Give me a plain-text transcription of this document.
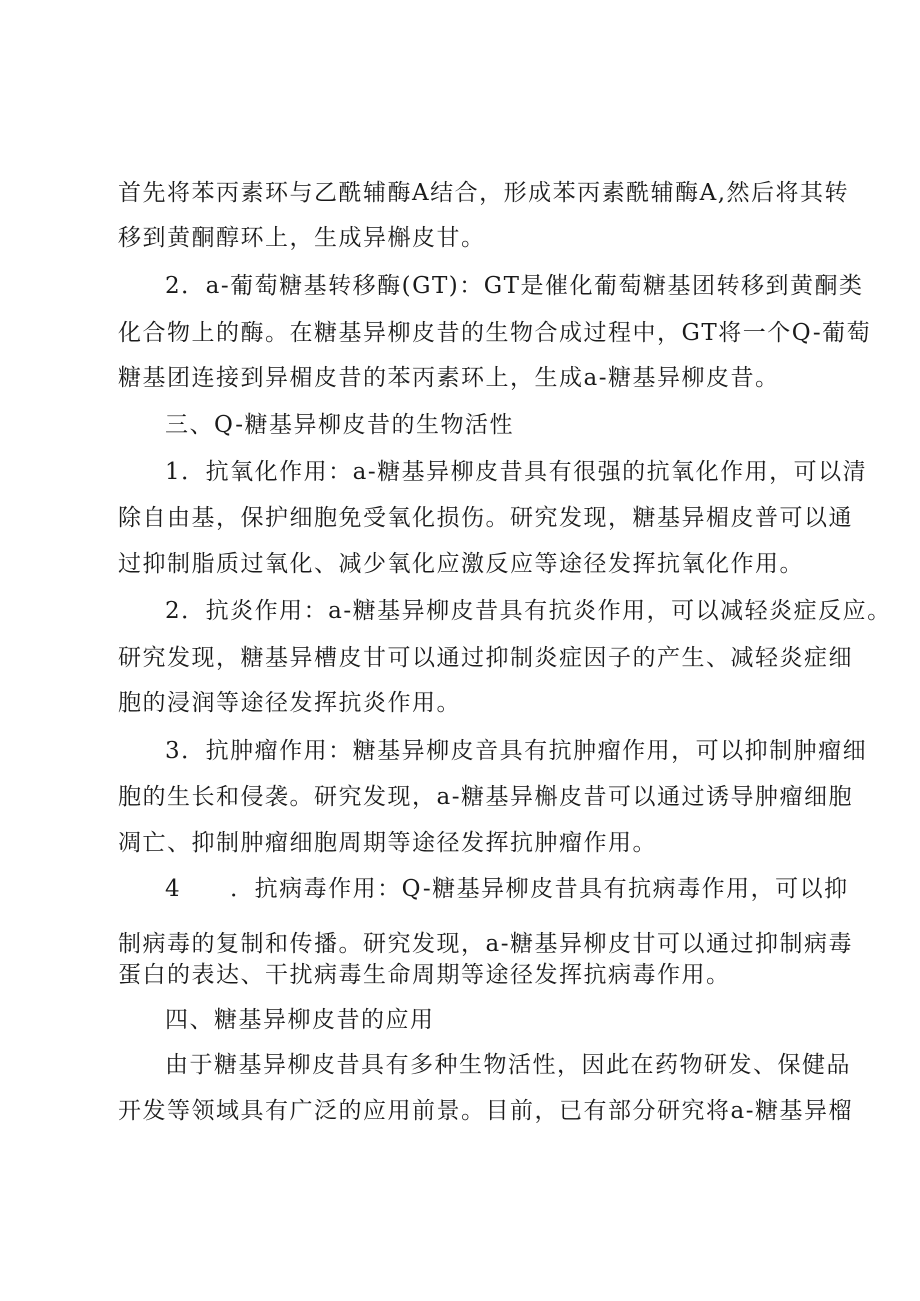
首先将苯丙素环与乙酰辅酶A结合，形成苯丙素酰辅酶A,然后将其转
移到黄酮醇环上，生成异槲皮甘。
2．a-葡萄糖基转移酶(GT)：GT是催化葡萄糖基团转移到黄酮类
化合物上的酶。在糖基异柳皮昔的生物合成过程中，GT将一个Q-葡萄
糖基团连接到异楣皮昔的苯丙素环上，生成a-糖基异柳皮昔。
三、Q-糖基异柳皮昔的生物活性
1．抗氧化作用：a-糖基异柳皮昔具有很强的抗氧化作用，可以清
除自由基，保护细胞免受氧化损伤。研究发现，糖基异楣皮普可以通
过抑制脂质过氧化、减少氧化应激反应等途径发挥抗氧化作用。
2．抗炎作用：a-糖基异柳皮昔具有抗炎作用，可以减轻炎症反应。
研究发现，糖基异槽皮甘可以通过抑制炎症因子的产生、减轻炎症细
胞的浸润等途径发挥抗炎作用。
3．抗肿瘤作用：糖基异柳皮音具有抗肿瘤作用，可以抑制肿瘤细
胞的生长和侵袭。研究发现，a-糖基异槲皮昔可以通过诱导肿瘤细胞
凋亡、抑制肿瘤细胞周期等途径发挥抗肿瘤作用。
4　　．抗病毒作用：Q-糖基异柳皮昔具有抗病毒作用，可以抑
制病毒的复制和传播。研究发现，a-糖基异柳皮甘可以通过抑制病毒
蛋白的表达、干扰病毒生命周期等途径发挥抗病毒作用。
四、糖基异柳皮昔的应用
由于糖基异柳皮昔具有多种生物活性，因此在药物研发、保健品
开发等领域具有广泛的应用前景。目前，已有部分研究将a-糖基异榴
